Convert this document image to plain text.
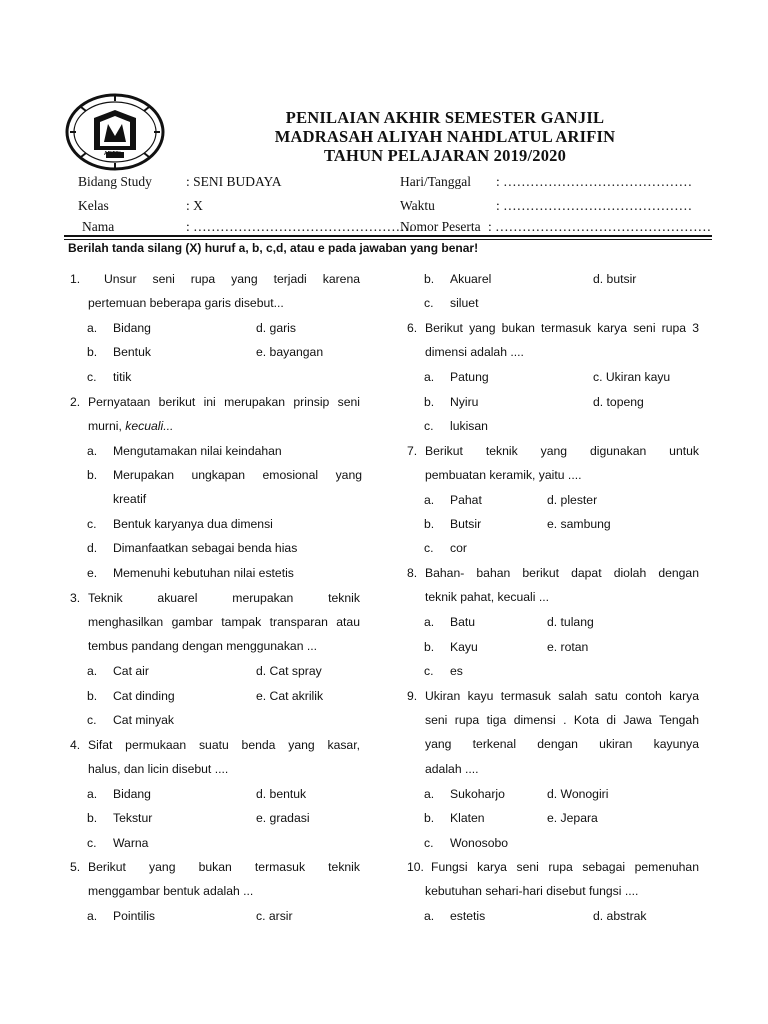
ARIFIN
PENILAIAN AKHIR SEMESTER GANJIL
MADRASAH ALIYAH NAHDLATUL ARIFIN
TAHUN PELAJARAN 2019/2020
Bidang Study	: SENI BUDAYA	Hari/Tanggal : ……………………………………
Kelas	: X	Waktu	: ……………………………………
Nama	: ………………………………………….
Nomor Peserta : …………………………………………
Berilah tanda silang (X) huruf a, b, c,d, atau e pada jawaban yang benar!
1. Unsur seni rupa yang terjadi karena
pertemuan beberapa garis disebut...
a. Bidang	d. garis
b. Bentuk	e. bayangan
c. titik
2. Pernyataan berikut ini merupakan prinsip seni
murni, kecuali...
a. Mengutamakan nilai keindahan
b. Merupakan ungkapan emosional yang
kreatif
c. Bentuk karyanya dua dimensi
d. Dimanfaatkan sebagai benda hias
e. Memenuhi kebutuhan nilai estetis
3. Teknik akuarel merupakan teknik
menghasilkan gambar tampak transparan atau
tembus pandang dengan menggunakan ...
a. Cat air	d. Cat spray
b. Cat dinding	e. Cat akrilik
c. Cat minyak
4. Sifat permukaan suatu benda yang kasar,
halus, dan licin disebut ....
a. Bidang	d. bentuk
b. Tekstur	e. gradasi
c. Warna
5. Berikut yang bukan termasuk teknik
menggambar bentuk adalah ...
a. Pointilis	c. arsir
b. Akuarel	d. butsir
c. siluet
6. Berikut yang bukan termasuk karya seni rupa 3
dimensi adalah ....
a. Patung	c. Ukiran kayu
b. Nyiru	d. topeng
c. lukisan
7. Berikut teknik yang digunakan untuk
pembuatan keramik, yaitu ....
a. Pahat	d. plester
b. Butsir	e. sambung
c. cor
8. Bahan- bahan berikut dapat diolah dengan
teknik pahat, kecuali ...
a. Batu	d. tulang
b. Kayu	e. rotan
c. es
9. Ukiran kayu termasuk salah satu contoh karya
seni rupa tiga dimensi . Kota di Jawa Tengah
yang terkenal dengan ukiran kayunya
adalah ....
a. Sukoharjo	d. Wonogiri
b. Klaten	e. Jepara
c. Wonosobo
10. Fungsi karya seni rupa sebagai pemenuhan
kebutuhan sehari-hari disebut fungsi ....
a. estetis	d. abstrak
